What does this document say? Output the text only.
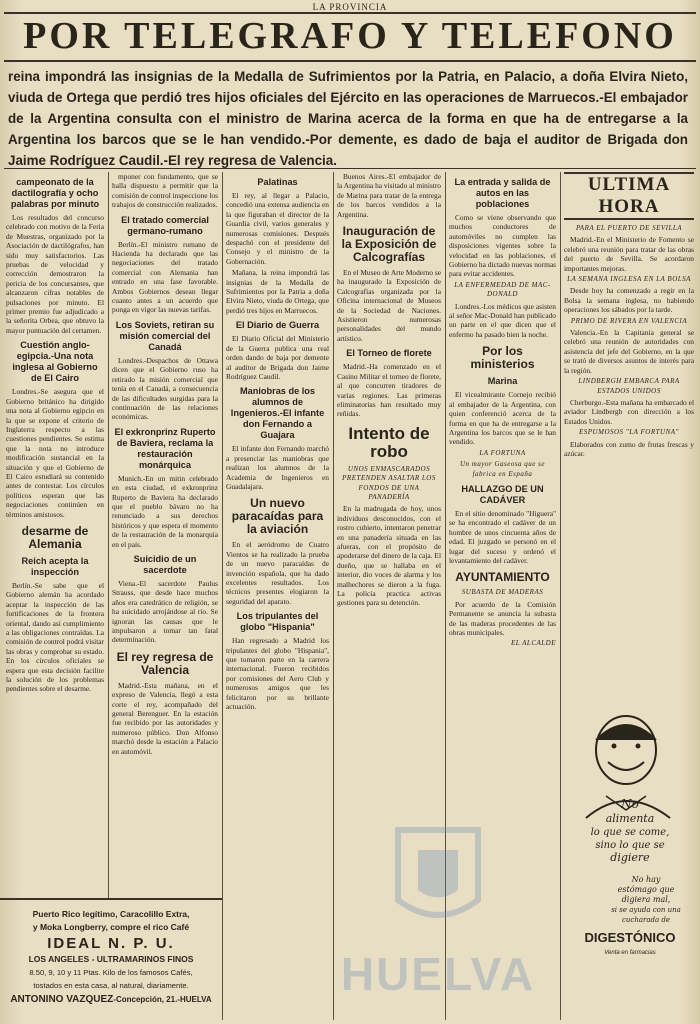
LA PROVINCIA
POR TELEGRAFO Y TELEFONO

reina impondrá las insignias de la Medalla de Sufrimientos por la Patria, en Palacio, a doña Elvira Nieto, viuda de Ortega que perdió tres hijos oficiales del Ejército en las operaciones de Marruecos.-El embajador de la Argentina consulta con el ministro de Marina acerca de la forma en que ha de entregarse a la Argentina los barcos que se le han vendido.-Por demente, es dado de baja el auditor de Brigada don Jaime Rodríguez Caudil.-El rey regresa de Valencia.

campeonato de la dactilografía y ocho palabras por minuto

Los resultados del concurso celebrado con motivo de la Feria de Muestras, organizado por la Asociación de dactilógrafos, han sido muy satisfactorios. Las pruebas de velocidad y corrección demostraron la pericia de los concursantes, que alcanzaron cifras notables de pulsaciones por minuto. El primer premio fue adjudicado a la señorita Orbea, que obtuvo la mayor puntuación del certamen.

Cuestión anglo-egipcia.-Una nota inglesa al Gobierno de El Cairo

Londres.-Se asegura que el Gobierno británico ha dirigido una nota al Gobierno egipcio en la que se expone el criterio de Inglaterra respecto a las cuestiones pendientes. Se estima que la nota no introduce modificación sustancial en la situación y que el Gobierno de El Cairo estudiará su contenido antes de contestar. Los círculos políticos esperan que las negociaciones continúen en términos amistosos.

desarme de Alemania
Reich acepta la inspección

Berlín.-Se sabe que el Gobierno alemán ha acordado aceptar la inspección de las fortificaciones de la frontera oriental, dando así cumplimiento a las obligaciones contraídas. La comisión de control podrá visitar las obras y comprobar su estado. En los círculos oficiales se espera que esta decisión facilite la solución de los problemas pendientes sobre el desarme.

mponer con fundamento, que se halla dispuesto a permitir que la comisión de control inspeccione los trabajos de construcción realizados.

El tratado comercial germano-rumano

Berlín.-El ministro rumano de Hacienda ha declarado que las negociaciones del tratado comercial con Alemania han entrado en una fase favorable. Ambos Gobiernos desean llegar cuanto antes a un acuerdo que ponga en vigor las nuevas tarifas.

Los Soviets, retiran su misión comercial del Canadá

Londres.-Despachos de Ottawa dicen que el Gobierno ruso ha retirado la misión comercial que tenía en el Canadá, a consecuencia de las dificultades surgidas para la continuación de las relaciones económicas.

El exkronprinz Ruperto de Baviera, reclama la restauración monárquica

Munich.-En un mitin celebrado en esta ciudad, el exkronprinz Ruperto de Baviera ha declarado que el pueblo bávaro no ha renunciado a sus derechos históricos y que espera el momento de la restauración de la monarquía en el país.

Suicidio de un sacerdote

Viena.-El sacerdote Paulus Strauss, que desde hace muchos años era catedrático de religión, se ha suicidado arrojándose al río. Se ignoran las causas que le impulsaron a tomar tan fatal determinación.

El rey regresa de Valencia

Madrid.-Esta mañana, en el expreso de Valencia, llegó a esta corte el rey, acompañado del general Berenguer. En la estación fue recibido por las autoridades y numeroso público. Don Alfonso marchó desde la estación a Palacio en automóvil.

Puerto Rico legítimo, Caracolillo Extra,
y Moka Longberry, compre el rico Café
IDEAL N. P. U.
LOS ANGELES - ULTRAMARINOS FINOS
8.50, 9, 10 y 11 Ptas. Kilo de los famosos Cafés,
tostados en esta casa, al natural, diariamente.
ANTONINO VAZQUEZ-Concepción, 21.-HUELVA
Palatinas

El rey, al llegar a Palacio, concedió una extensa audiencia en la que figuraban el director de la Guardia civil, varios generales y numerosas comisiones. Después despachó con el presidente del Consejo y el ministro de la Gobernación.

Mañana, la reina impondrá las insignias de la Medalla de Sufrimientos por la Patria a doña Elvira Nieto, viuda de Ortega, que perdió tres hijos en Marruecos.

El Diario de Guerra

El Diario Oficial del Ministerio de la Guerra publica una real orden dando de baja por demente al auditor de Brigada don Jaime Rodríguez Caudil.

Maniobras de los alumnos de Ingenieros.-El infante don Fernando a Guajara

El infante don Fernando marchó a presenciar las maniobras que realizan los alumnos de la Academia de Ingenieros en Guadalajara.

Un nuevo paracaídas para la aviación

En el aeródromo de Cuatro Vientos se ha realizado la prueba de un nuevo paracaídas de invención española, que ha dado excelentes resultados. Los técnicos presentes elogiaron la seguridad del aparato.

Los tripulantes del globo "Hispania"

Han regresado a Madrid los tripulantes del globo "Hispania", que tomaron parte en la carrera internacional. Fueron recibidos por comisiones del Aero Club y numerosos amigos que les felicitaron por su brillante actuación.

Buenos Aires.-El embajador de la Argentina ha visitado al ministro de Marina para tratar de la entrega de los barcos vendidos a la Argentina.

Inauguración de la Exposición de Calcografías

En el Museo de Arte Moderno se ha inaugurado la Exposición de Calcografías organizada por la Oficina internacional de Museos de la Sociedad de Naciones. Asistieron numerosas personalidades del mundo artístico.

El Torneo de florete

Madrid.-Ha comenzado en el Casino Militar el torneo de florete, al que concurren tiradores de varias regiones. Las primeras eliminatorias han resultado muy reñidas.

Intento de robo
UNOS ENMASCARADOS PRETENDEN ASALTAR LOS FONDOS DE UNA PANADERÍA

En la madrugada de hoy, unos individuos desconocidos, con el rostro cubierto, intentaron penetrar en una panadería situada en las afueras, con el propósito de apoderarse del dinero de la caja. El dueño, que se hallaba en el interior, dio voces de alarma y los malhechores se dieron a la fuga. La policía practica activas gestiones para su detención.

La entrada y salida de autos en las poblaciones

Como se viene observando que muchos conductores de automóviles no cumplen las disposiciones vigentes sobre la velocidad en las poblaciones, el Gobierno ha dictado nuevas normas para evitar accidentes.

LA ENFERMEDAD DE MAC-DONALD

Londres.-Los médicos que asisten al señor Mac-Donald han publicado un parte en el que dicen que el enfermo ha pasado bien la noche.

Por los ministerios
Marina

El vicealmirante Cornejo recibió al embajador de la Argentina, con quien conferenció acerca de la forma en que ha de entregarse a la Argentina los barcos que se le han vendido.

LA FORTUNA
Un mayor Gaseosa que se fabrica en España
HALLAZGO DE UN CADÁVER

En el sitio denominado "Higuera" se ha encontrado el cadáver de un hombre de unos cincuenta años de edad. El juzgado se personó en el lugar del suceso y ordenó el levantamiento del cadáver.

AYUNTAMIENTO
SUBASTA DE MADERAS

Por acuerdo de la Comisión Permanente se anuncia la subasta de las maderas procedentes de las obras municipales.

EL ALCALDE
ULTIMA HORA
PARA EL PUERTO DE SEVILLA

Madrid.-En el Ministerio de Fomento se celebró una reunión para tratar de las obras del puerto de Sevilla. Se acordaron importantes mejoras.

LA SEMANA INGLESA EN LA BOLSA

Desde hoy ha comenzado a regir en la Bolsa la semana inglesa, no habiendo operaciones los sábados por la tarde.

PRIMO DE RIVERA EN VALENCIA

Valencia.-En la Capitanía general se celebró una reunión de autoridades con asistencia del jefe del Gobierno, en la que se trató de diversos asuntos de interés para la región.

LINDBERGH EMBARCA PARA ESTADOS UNIDOS

Cherburgo.-Esta mañana ha embarcado el aviador Lindbergh con dirección a los Estados Unidos.

ESPUMOSOS "LA FORTUNA"

Elaborados con zumo de frutas frescas y azúcar.

No
alimenta
lo que se come,
sino lo que se
digiere
No hay
estómago que
digiera mal,
si se ayuda con una
cucharada de
DIGESTÓNICO
Venta en farmacias
HUELVA
